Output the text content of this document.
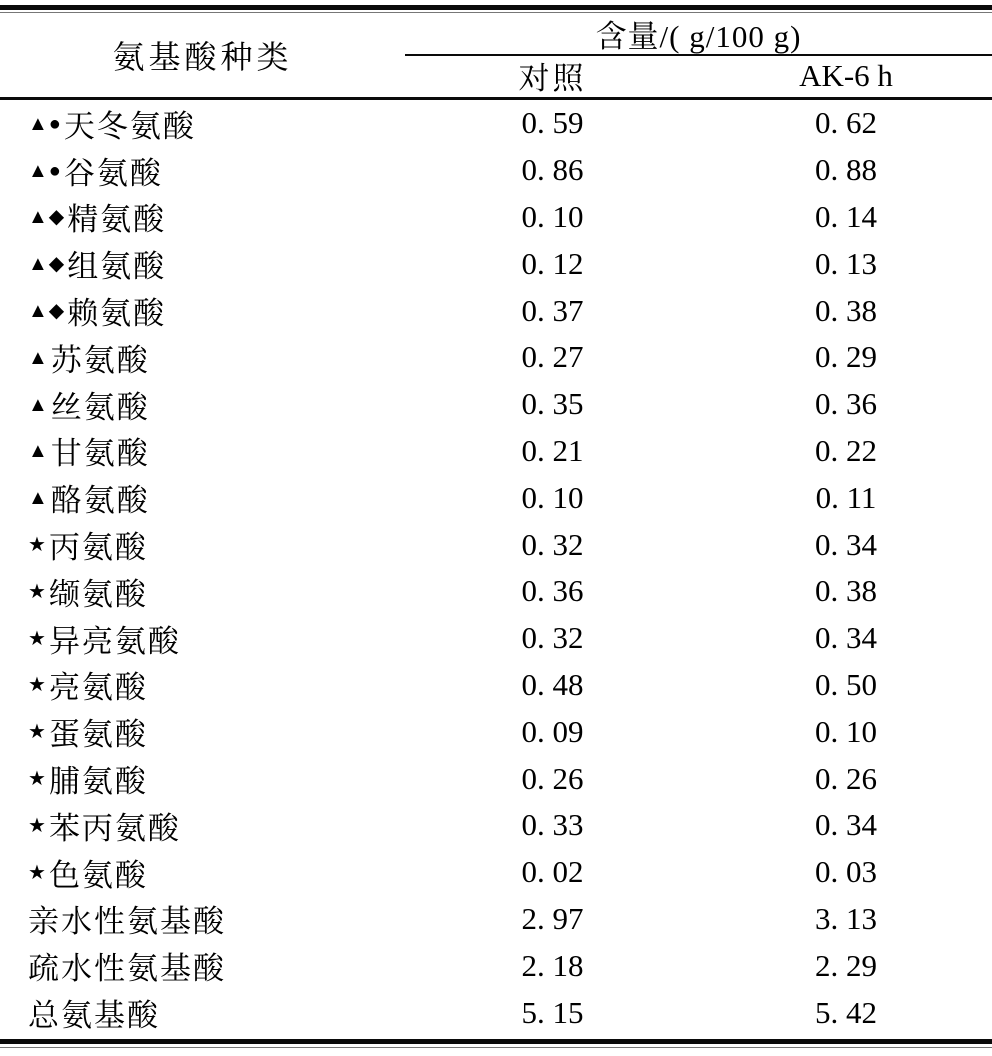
氨基酸种类
含量/( g/100 g)
对照	AK-6 h
▲●天冬氨酸	0. 59	0. 62
▲●谷氨酸	0. 86	0. 88
▲◆精氨酸	0. 10	0. 14
▲◆组氨酸	0. 12	0. 13
▲◆赖氨酸	0. 37	0. 38
▲苏氨酸	0. 27	0. 29
▲丝氨酸	0. 35	0. 36
▲甘氨酸	0. 21	0. 22
▲酪氨酸	0. 10	0. 11
★丙氨酸	0. 32	0. 34
★缬氨酸	0. 36	0. 38
★异亮氨酸	0. 32	0. 34
★亮氨酸	0. 48	0. 50
★蛋氨酸	0. 09	0. 10
★脯氨酸	0. 26	0. 26
★苯丙氨酸	0. 33	0. 34
★色氨酸	0. 02	0. 03
亲水性氨基酸	2. 97	3. 13
疏水性氨基酸	2. 18	2. 29
总氨基酸	5. 15	5. 42
